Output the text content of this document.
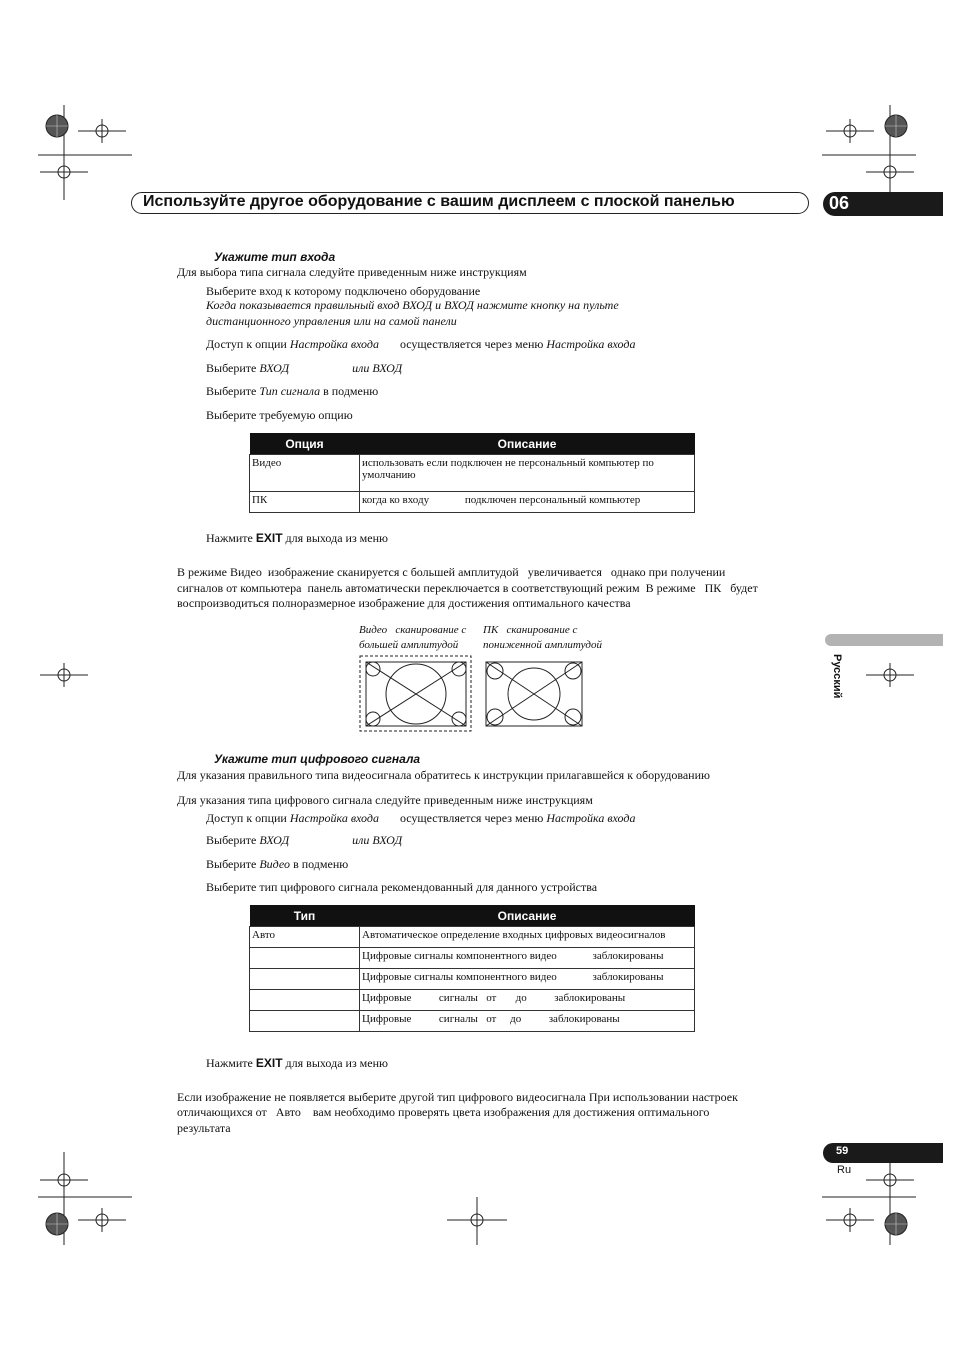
Используйте другое оборудование с вашим дисплеем с плоской панелью	06
Укажите тип входа
Для выбора типа сигнала следуйте приведенным ниже инструкциям
Выберите вход к которому подключено оборудование
Когда показывается правильный вход ВХОД и ВХОД нажмите кнопку на пульте
дистанционного управления или на самой панели
Доступ к опции Настройка входа       осуществляется через меню Настройка входа
Выберите ВХОД                     или ВХОД
Выберите Тип сигнала в подменю
Выберите требуемую опцию
Опция	Описание
Видео	использовать если подключен не персональный компьютер по умолчанию
ПК	когда ко входу             подключен персональный компьютер
Нажмите EXIT для выхода из меню
В режиме Видео  изображение сканируется с большей амплитудой   увеличивается   однако при получении
сигналов от компьютера  панель автоматически переключается в соответствующий режим  В режиме   ПК   будет
воспроизводиться полноразмерное изображение для достижения оптимального качества
Видео   сканирование с
большей амплитудой
ПК   сканирование с
пониженной амплитудой
Укажите тип цифрового сигнала
Для указания правильного типа видеосигнала обратитесь к инструкции прилагавшейся к оборудованию
Для указания типа цифрового сигнала следуйте приведенным ниже инструкциям
Доступ к опции Настройка входа       осуществляется через меню Настройка входа
Выберите ВХОД                     или ВХОД
Выберите Видео в подменю
Выберите тип цифрового сигнала рекомендованный для данного устройства
Тип	Описание
Авто	Автоматическое определение входных цифровых видеосигналов
	Цифровые сигналы компонентного видео             заблокированы
	Цифровые сигналы компонентного видео             заблокированы
	Цифровые          сигналы   от       до          заблокированы
	Цифровые          сигналы   от     до          заблокированы
Нажмите EXIT для выхода из меню
Если изображение не появляется выберите другой тип цифрового видеосигнала При использовании настроек
отличающихся от   Авто    вам необходимо проверять цвета изображения для достижения оптимального
результата
Русский
59
Ru
